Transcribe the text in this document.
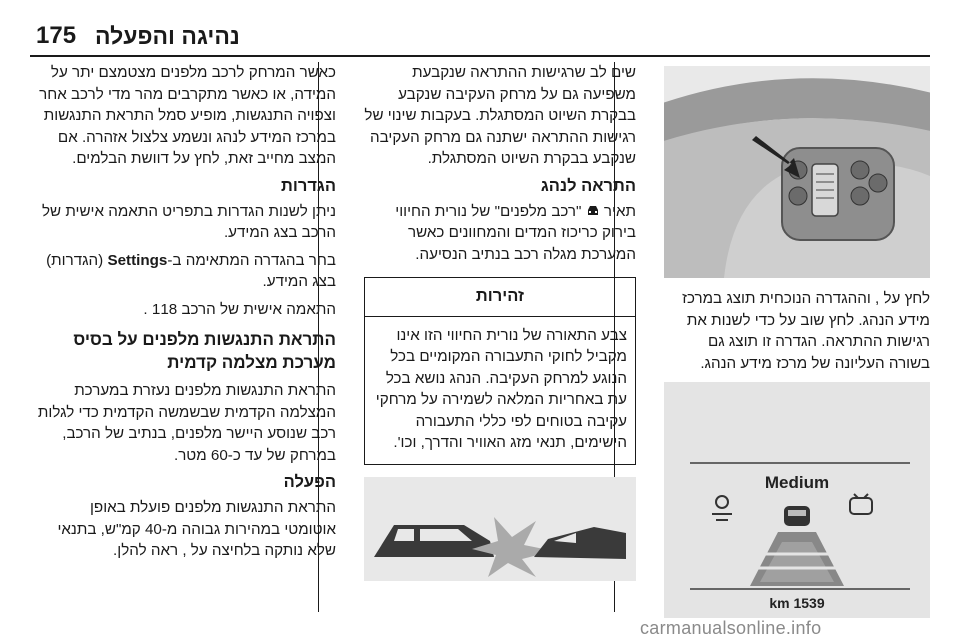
175 נהיגה והפעלה

לחץ על , וההגדרה הנוכחית תוצג במרכז מידע הנהג. לחץ שוב על כדי לשנות את רגישות ההתראה. הגדרה זו תוצג גם בשורה העליונה של מרכז מידע הנהג.

Medium
1539 km

שים לב שרגישות ההתראה שנקבעת משפיעה גם על מרחק העקיבה שנקבע בבקרת השיוט המסתגלת. בעקבות שינוי של רגישות ההתראה ישתנה גם מרחק העקיבה שנקבע בבקרת השיוט המסתגלת.

התראה לנהג

תאיר  "רכב מלפנים" של נורית החיווי בירוק כריכוז המדים והמחוונים כאשר המערכת מגלה רכב בנתיב הנסיעה.

זהירות
צבע התאורה של נורית החיווי הזו אינו מקביל לחוקי התעבורה המקומיים בכל הנוגע למרחק העקיבה. הנהג נושא בכל עת באחריות המלאה לשמירה על מרחקי עקיבה בטוחים לפי כללי התעבורה הישימים, תנאי מזג האוויר והדרך, וכו'.

כאשר המרחק לרכב מלפנים מצטמצם יתר על המידה, או כאשר מתקרבים מהר מדי לרכב אחר וצפויה התנגשות, מופיע סמל התראת התנגשות במרכז המידע לנהג ונשמע צלצול אזהרה. אם המצב מחייב זאת, לחץ על דוושת הבלמים.

הגדרות

ניתן לשנות הגדרות בתפריט התאמה אישית של הרכב בצג המידע.

בחר בהגדרה המתאימה ב-Settings (הגדרות) בצג המידע.

התאמה אישית של הרכב 118 .

התראת התנגשות מלפנים על בסיס מערכת מצלמה קדמית

התראת התנגשות מלפנים נעזרת במערכת המצלמה הקדמית שבשמשה הקדמית כדי לגלות רכב שנוסע היישר מלפנים, בנתיב של הרכב, במרחק של עד כ-60 מטר.

הפעלה

התראת התנגשות מלפנים פועלת באופן אוטומטי במהירות גבוהה מ-40 קמ"ש, בתנאי שלא נותקה בלחיצה על , ראה להלן.

carmanualsonline.info
